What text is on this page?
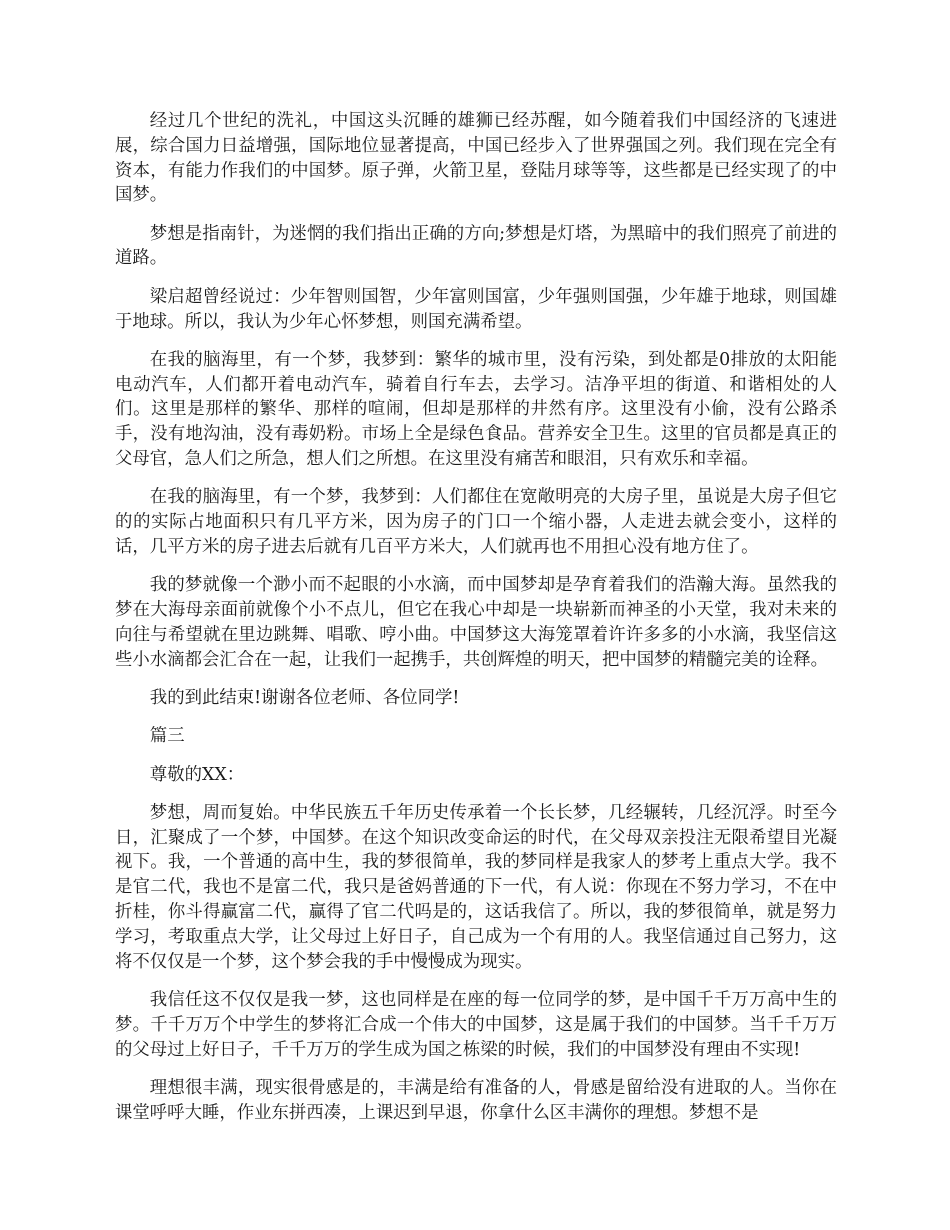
经过几个世纪的洗礼，中国这头沉睡的雄狮已经苏醒，如今随着我们中国经济的飞速进展，综合国力日益增强，国际地位显著提高，中国已经步入了世界强国之列。我们现在完全有资本，有能力作我们的中国梦。原子弹，火箭卫星，登陆月球等等，这些都是已经实现了的中国梦。

梦想是指南针，为迷惘的我们指出正确的方向;梦想是灯塔，为黑暗中的我们照亮了前进的道路。

梁启超曾经说过：少年智则国智，少年富则国富，少年强则国强，少年雄于地球，则国雄于地球。所以，我认为少年心怀梦想，则国充满希望。

在我的脑海里，有一个梦，我梦到：繁华的城市里，没有污染，到处都是0排放的太阳能电动汽车，人们都开着电动汽车，骑着自行车去，去学习。洁净平坦的街道、和谐相处的人们。这里是那样的繁华、那样的喧闹，但却是那样的井然有序。这里没有小偷，没有公路杀手，没有地沟油，没有毒奶粉。市场上全是绿色食品。营养安全卫生。这里的官员都是真正的父母官，急人们之所急，想人们之所想。在这里没有痛苦和眼泪，只有欢乐和幸福。

在我的脑海里，有一个梦，我梦到：人们都住在宽敞明亮的大房子里，虽说是大房子但它的的实际占地面积只有几平方米，因为房子的门口一个缩小器，人走进去就会变小，这样的话，几平方米的房子进去后就有几百平方米大，人们就再也不用担心没有地方住了。

我的梦就像一个渺小而不起眼的小水滴，而中国梦却是孕育着我们的浩瀚大海。虽然我的梦在大海母亲面前就像个小不点儿，但它在我心中却是一块崭新而神圣的小天堂，我对未来的向往与希望就在里边跳舞、唱歌、哼小曲。中国梦这大海笼罩着许许多多的小水滴，我坚信这些小水滴都会汇合在一起，让我们一起携手，共创辉煌的明天，把中国梦的精髓完美的诠释。

我的到此结束!谢谢各位老师、各位同学!

篇三

尊敬的XX：

梦想，周而复始。中华民族五千年历史传承着一个长长梦，几经辗转，几经沉浮。时至今日，汇聚成了一个梦，中国梦。在这个知识改变命运的时代，在父母双亲投注无限希望目光凝视下。我，一个普通的高中生，我的梦很简单，我的梦同样是我家人的梦考上重点大学。我不是官二代，我也不是富二代，我只是爸妈普通的下一代，有人说：你现在不努力学习，不在中折桂，你斗得赢富二代，赢得了官二代吗是的，这话我信了。所以，我的梦很简单，就是努力学习，考取重点大学，让父母过上好日子，自己成为一个有用的人。我坚信通过自己努力，这将不仅仅是一个梦，这个梦会我的手中慢慢成为现实。

我信任这不仅仅是我一梦，这也同样是在座的每一位同学的梦，是中国千千万万高中生的梦。千千万万个中学生的梦将汇合成一个伟大的中国梦，这是属于我们的中国梦。当千千万万的父母过上好日子，千千万万的学生成为国之栋梁的时候，我们的中国梦没有理由不实现!

理想很丰满，现实很骨感是的，丰满是给有准备的人，骨感是留给没有进取的人。当你在课堂呼呼大睡，作业东拼西凑，上课迟到早退，你拿什么区丰满你的理想。梦想不是
